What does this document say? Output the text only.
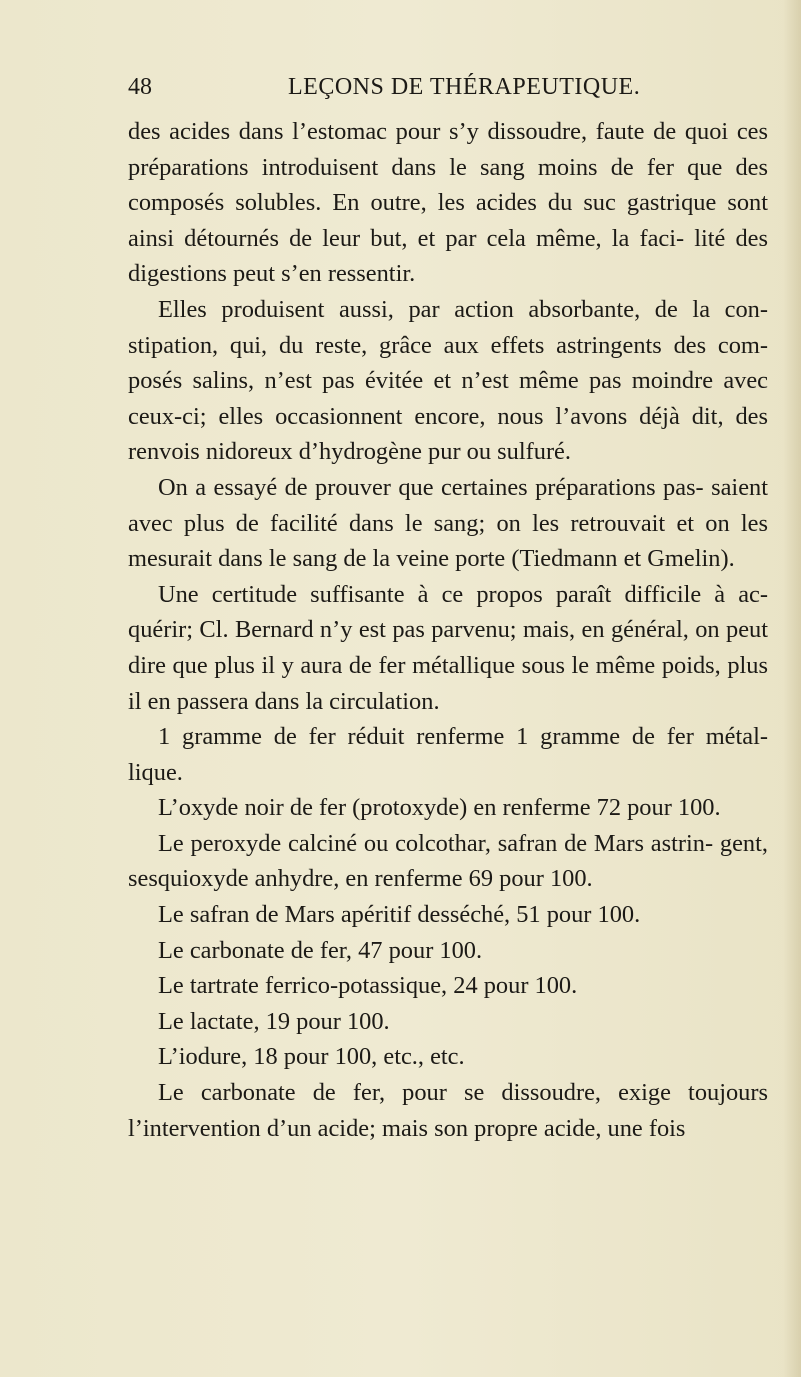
48	LEÇONS DE THÉRAPEUTIQUE.

des acides dans l’estomac pour s’y dissoudre, faute de quoi ces préparations introduisent dans le sang moins de fer que des composés solubles. En outre, les acides du suc gastrique sont ainsi détournés de leur but, et par cela même, la faci- lité des digestions peut s’en ressentir.

Elles produisent aussi, par action absorbante, de la con- stipation, qui, du reste, grâce aux effets astringents des com- posés salins, n’est pas évitée et n’est même pas moindre avec ceux-ci; elles occasionnent encore, nous l’avons déjà dit, des renvois nidoreux d’hydrogène pur ou sulfuré.

On a essayé de prouver que certaines préparations pas- saient avec plus de facilité dans le sang; on les retrouvait et on les mesurait dans le sang de la veine porte (Tiedmann et Gmelin).

Une certitude suffisante à ce propos paraît difficile à ac- quérir; Cl. Bernard n’y est pas parvenu; mais, en général, on peut dire que plus il y aura de fer métallique sous le même poids, plus il en passera dans la circulation.

1 gramme de fer réduit renferme 1 gramme de fer métal- lique.

L’oxyde noir de fer (protoxyde) en renferme 72 pour 100.

Le peroxyde calciné ou colcothar, safran de Mars astrin- gent, sesquioxyde anhydre, en renferme 69 pour 100.

Le safran de Mars apéritif desséché, 51 pour 100.

Le carbonate de fer, 47 pour 100.

Le tartrate ferrico-potassique, 24 pour 100.

Le lactate, 19 pour 100.

L’iodure, 18 pour 100, etc., etc.

Le carbonate de fer, pour se dissoudre, exige toujours l’intervention d’un acide; mais son propre acide, une fois
